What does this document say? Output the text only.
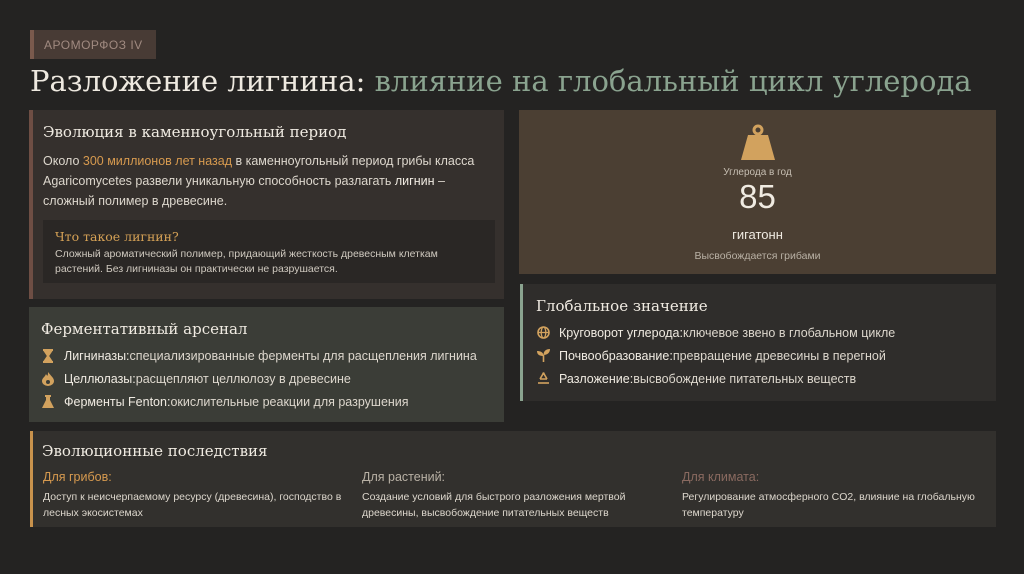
АРОМОРФОЗ IV
Разложение лигнина: влияние на глобальный цикл углерода
Эволюция в каменноугольный период

Около 300 миллионов лет назад в каменноугольный период грибы класса Agaricomycetes развели уникальную способность разлагать лигнин – сложный полимер в древесине.

Что такое лигнин?

Сложный ароматический полимер, придающий жесткость древесным клеткам растений. Без лигниназы он практически не разрушается.

Углерода в год
85
гигатонн
Высвобождается грибами
Ферментативный арсенал
Лигниназы: специализированные ферменты для расщепления лигнина
Целлюлазы: расщепляют целлюлозу в древесине
Ферменты Fenton: окислительные реакции для разрушения
Глобальное значение
Круговорот углерода: ключевое звено в глобальном цикле
Почвообразование: превращение древесины в перегной
Разложение: высвобождение питательных веществ
Эволюционные последствия
Для грибов:

Доступ к неисчерпаемому ресурсу (древесина), господство в лесных экосистемах

Для растений:

Создание условий для быстрого разложения мертвой древесины, высвобождение питательных веществ

Для климата:

Регулирование атмосферного CO2, влияние на глобальную температуру
